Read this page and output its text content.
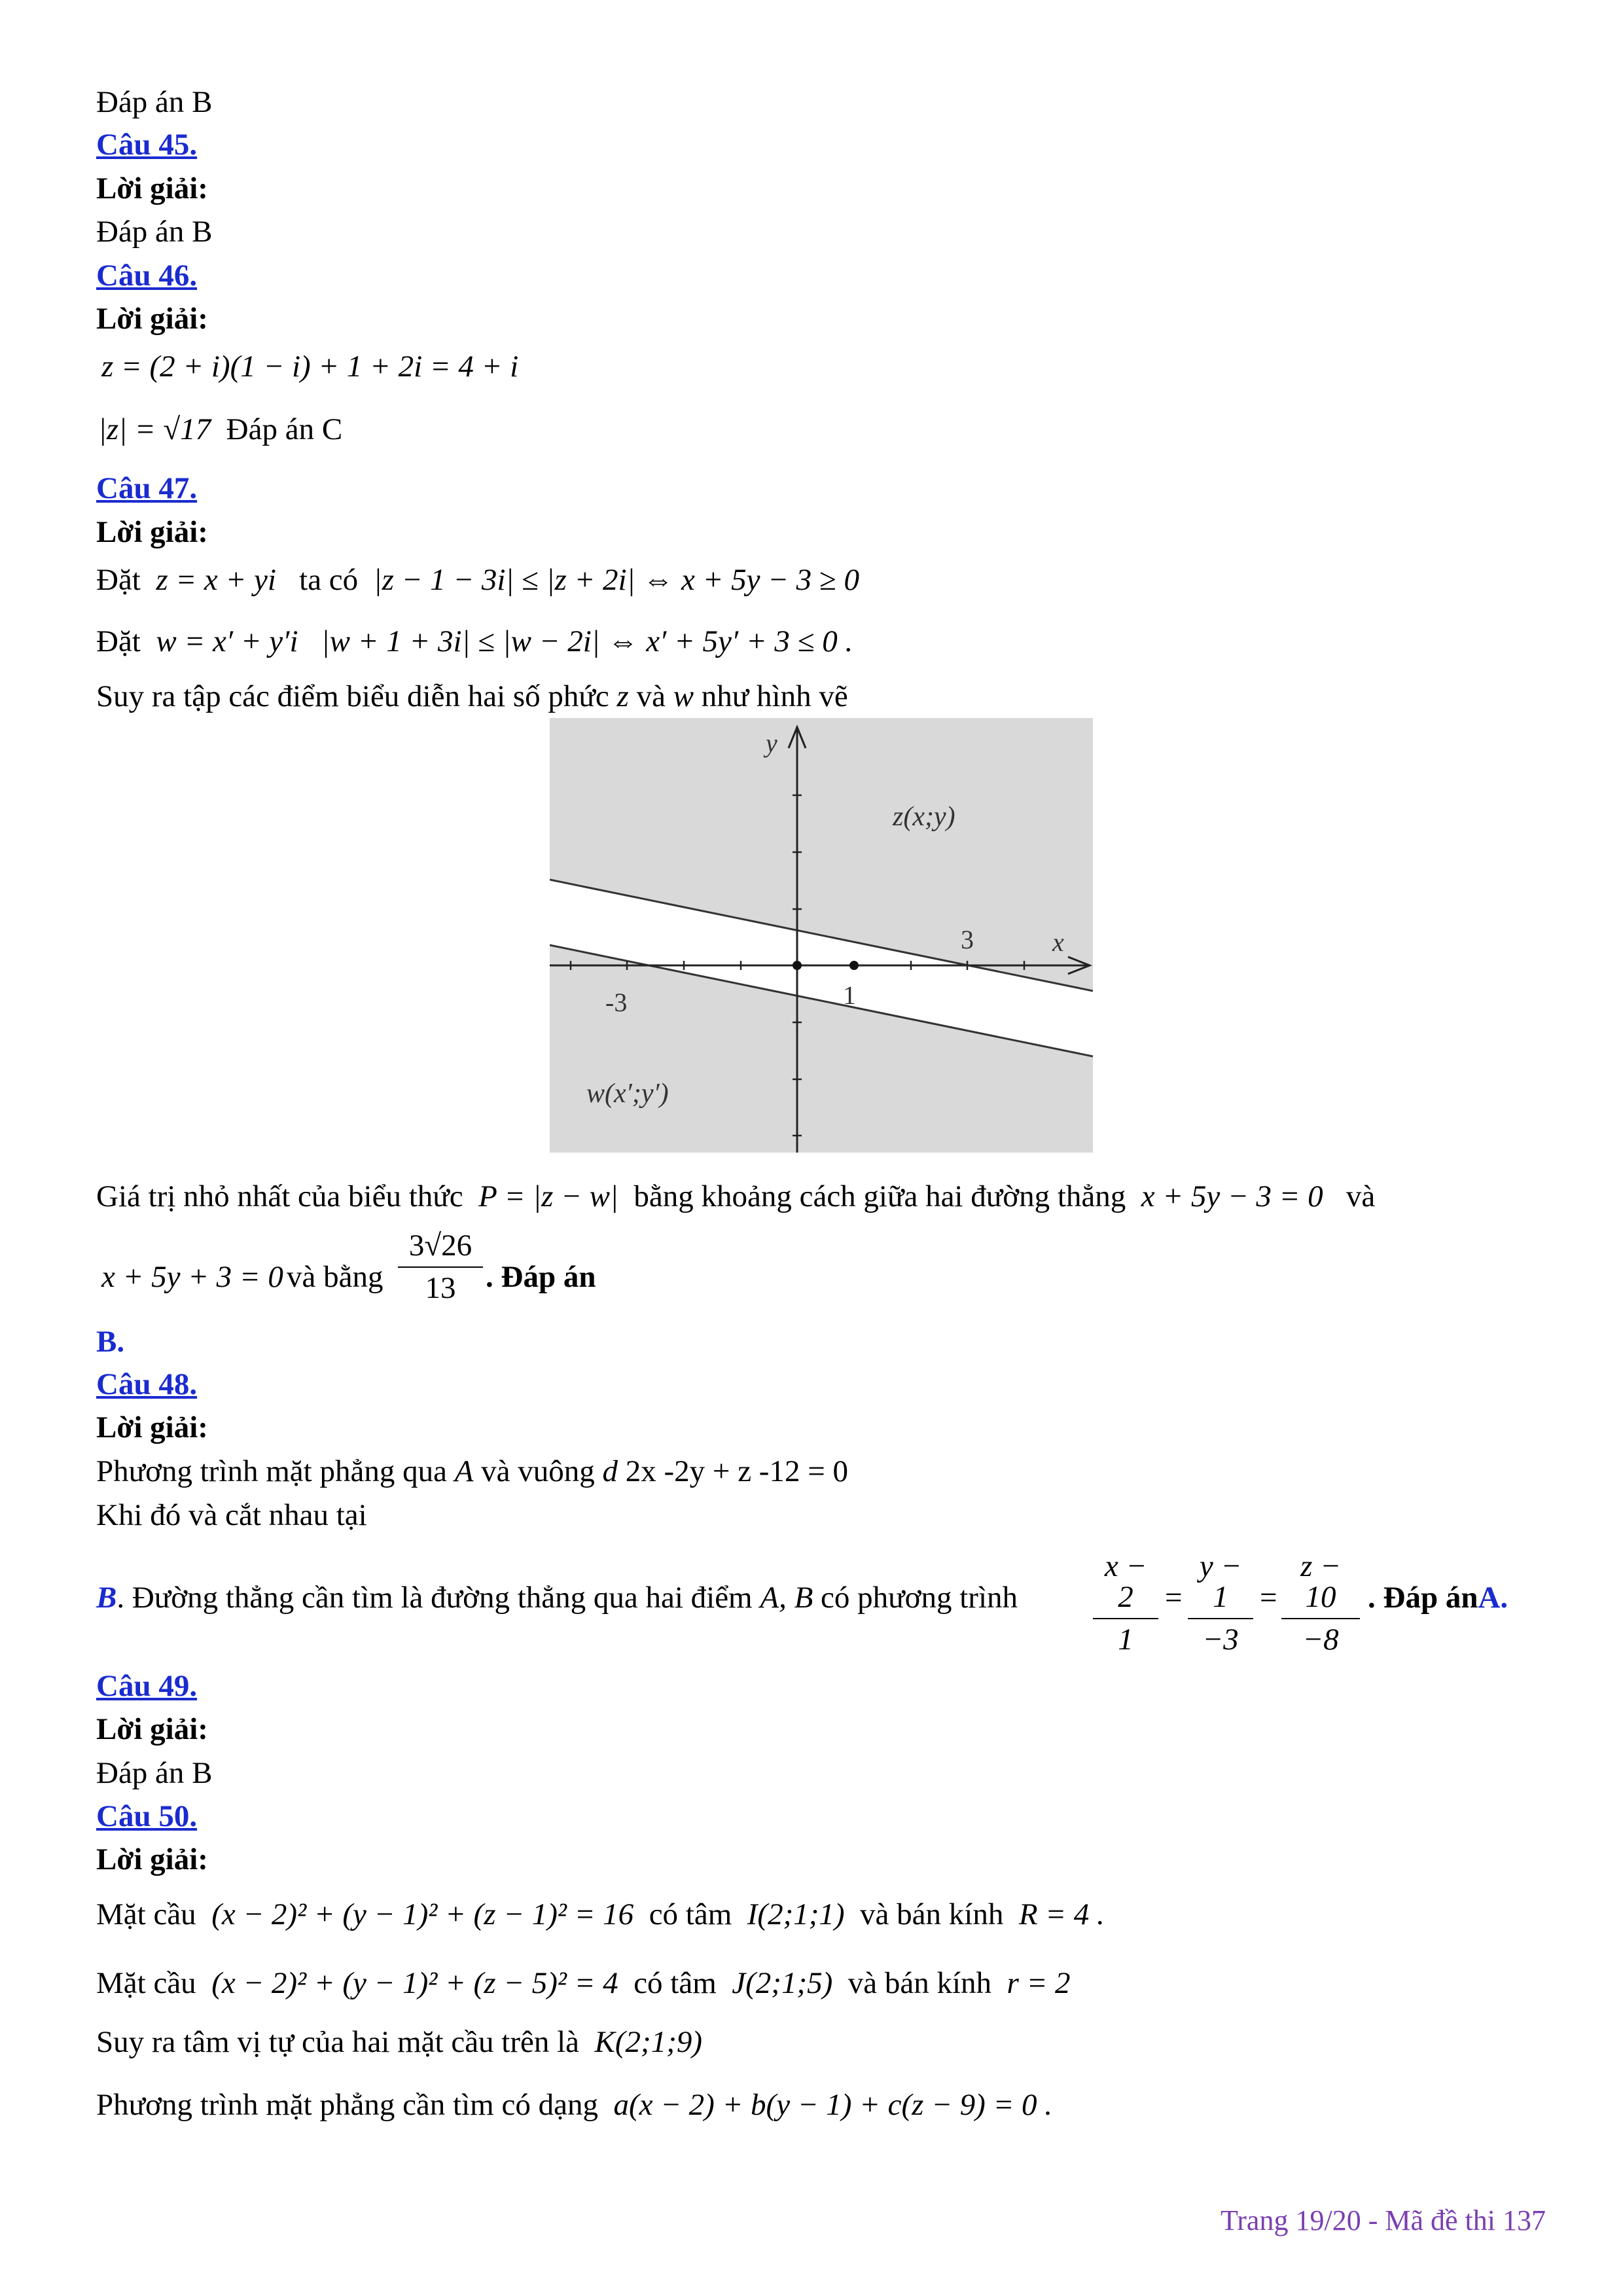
Đáp án B
Câu 45.
Lời giải:
Đáp án B
Câu 46.
Lời giải:
z = (2 + i)(1 − i) + 1 + 2i = 4 + i
|z| = √17 Đáp án C
Câu 47.
Lời giải:
Đặt z = x + yi ta có |z − 1 − 3i| ≤ |z + 2i| ⇔ x + 5y − 3 ≥ 0
Đặt w = x′ + y′i |w + 1 + 3i| ≤ |w − 2i| ⇔ x′ + 5y′ + 3 ≤ 0 .
Suy ra tập các điểm biểu diễn hai số phức z và w như hình vẽ
y
x
z(x;y)
w(x′;y′)
3
-3	1
Giá trị nhỏ nhất của biểu thức P = |z − w| bằng khoảng cách giữa hai đường thẳng x + 5y − 3 = 0 và
x + 5y + 3 = 0 và bằng $\frac{3√26}{13}$ . Đáp án
B.
Câu 48.
Lời giải:
Phương trình mặt phẳng qua A và vuông d 2x -2y + z -12 = 0
Khi đó và cắt nhau tại
B. Đường thẳng cần tìm là đường thẳng qua hai điểm A, B có phương trình $\frac{x - 2}{1} = \frac{y - 1}{-3} = \frac{z - 10}{-8}$ . Đáp ánA.
Câu 49.
Lời giải:
Đáp án B
Câu 50.
Lời giải:
Mặt cầu (x − 2)² + (y − 1)² + (z − 1)² = 16 có tâm I(2;1;1) và bán kính R = 4 .
Mặt cầu (x − 2)² + (y − 1)² + (z − 5)² = 4 có tâm J(2;1;5) và bán kính r = 2
Suy ra tâm vị tự của hai mặt cầu trên là K(2;1;9)
Phương trình mặt phẳng cần tìm có dạng a(x − 2) + b(y − 1) + c(z − 9) = 0 .
Trang 19/20 - Mã đề thi 137
